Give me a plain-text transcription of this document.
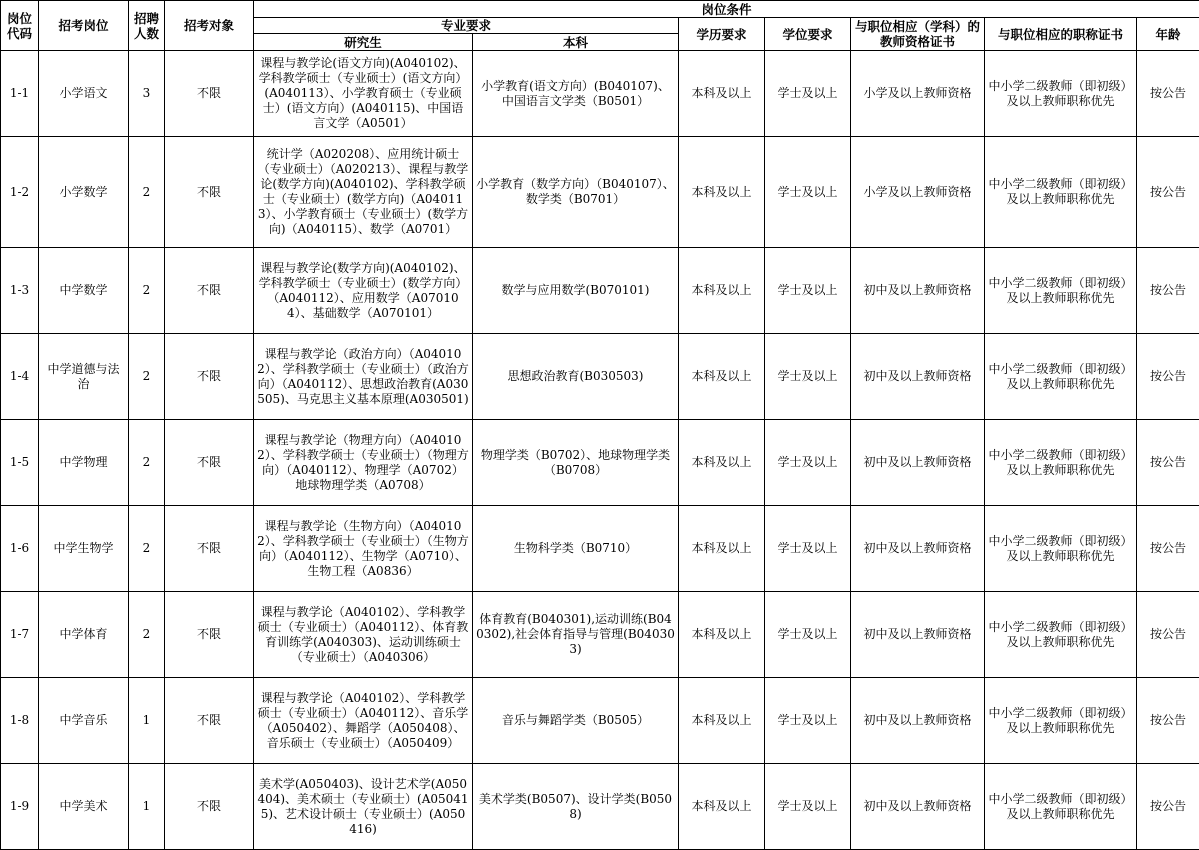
岗位代码	招考岗位	招聘人数	招考对象	岗位条件						
				专业要求		学历要求	学位要求	与职位相应（学科）的教师资格证书	与职位相应的职称证书	年龄
				研究生	本科					
1-1	小学语文	3	不限	课程与教学论(语文方向)(A040102)、学科教学硕士（专业硕士）(语文方向）(A040113）、小学教育硕士（专业硕士）(语文方向）(A040115)、中国语言文学（A0501）	小学教育(语文方向）(B040107)、中国语言文学类（B0501）	本科及以上	学士及以上	小学及以上教师资格	中小学二级教师（即初级）及以上教师职称优先	按公告
1-2	小学数学	2	不限	统计学（A020208）、应用统计硕士（专业硕士）（A020213）、课程与教学论(数学方向)(A040102)、学科教学硕士（专业硕士）(数学方向)（A040113）、小学教育硕士（专业硕士）(数学方向)（A040115）、数学（A0701）	小学教育（数学方向）（B040107）、数学类（B0701）	本科及以上	学士及以上	小学及以上教师资格	中小学二级教师（即初级）及以上教师职称优先	按公告
1-3	中学数学	2	不限	课程与教学论(数学方向)(A040102)、学科教学硕士（专业硕士）(数学方向）（A040112）、应用数学（A070104）、基础数学（A070101）	数学与应用数学(B070101)	本科及以上	学士及以上	初中及以上教师资格	中小学二级教师（即初级）及以上教师职称优先	按公告
1-4	中学道德与法治	2	不限	课程与教学论（政治方向）（A040102）、学科教学硕士（专业硕士）（政治方向）（A040112）、思想政治教育(A030505)、马克思主义基本原理(A030501)	思想政治教育(B030503)	本科及以上	学士及以上	初中及以上教师资格	中小学二级教师（即初级）及以上教师职称优先	按公告
1-5	中学物理	2	不限	课程与教学论（物理方向）（A040102）、学科教学硕士（专业硕士）（物理方向）（A040112）、物理学（A0702）地球物理学类（A0708）	物理学类（B0702）、地球物理学类（B0708）	本科及以上	学士及以上	初中及以上教师资格	中小学二级教师（即初级）及以上教师职称优先	按公告
1-6	中学生物学	2	不限	课程与教学论（生物方向）（A040102）、学科教学硕士（专业硕士）（生物方向）（A040112）、生物学（A0710）、生物工程（A0836）	生物科学类（B0710）	本科及以上	学士及以上	初中及以上教师资格	中小学二级教师（即初级）及以上教师职称优先	按公告
1-7	中学体育	2	不限	课程与教学论（A040102）、学科教学硕士（专业硕士）（A040112）、体育教育训练学(A040303)、运动训练硕士（专业硕士）（A040306）	体育教育(B040301),运动训练(B040302),社会体育指导与管理(B040303)	本科及以上	学士及以上	初中及以上教师资格	中小学二级教师（即初级）及以上教师职称优先	按公告
1-8	中学音乐	1	不限	课程与教学论（A040102）、学科教学硕士（专业硕士）（A040112）、音乐学（A050402）、舞蹈学（A050408）、音乐硕士（专业硕士）（A050409）	音乐与舞蹈学类（B0505）	本科及以上	学士及以上	初中及以上教师资格	中小学二级教师（即初级）及以上教师职称优先	按公告
1-9	中学美术	1	不限	美术学(A050403)、设计艺术学(A050404)、美术硕士（专业硕士）(A050415)、艺术设计硕士（专业硕士）(A050416)	美术学类(B0507)、设计学类(B0508)	本科及以上	学士及以上	初中及以上教师资格	中小学二级教师（即初级）及以上教师职称优先	按公告
